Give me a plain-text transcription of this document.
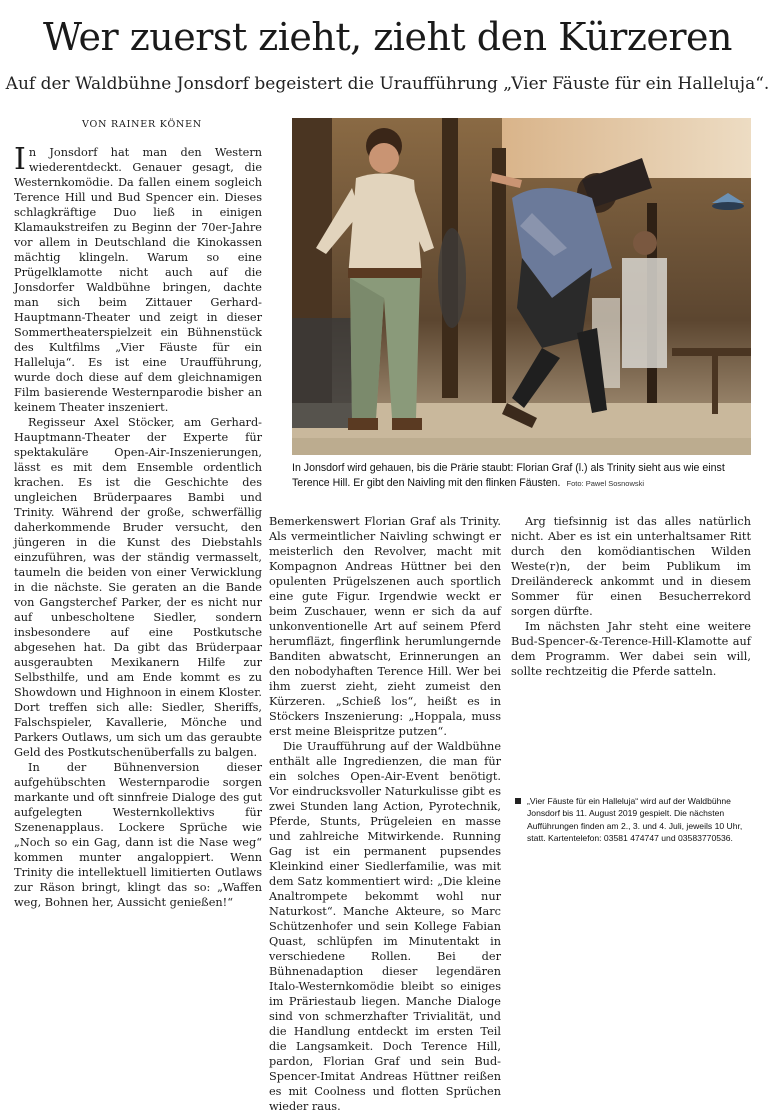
Wer zuerst zieht, zieht den Kürzeren
Auf der Waldbühne Jonsdorf begeistert die Uraufführung „Vier Fäuste für ein Halleluja“.
VON RAINER KÖNEN
In Jonsdorf wird gehauen, bis die Prärie staubt: Florian Graf (l.) als Trinity sieht aus wie einst Terence Hill. Er gibt den Naivling mit den flinken Fäusten. Foto: Pawel Sosnowski

In Jonsdorf hat man den Western wiederentdeckt. Genauer gesagt, die Westernkomödie. Da fallen einem sogleich Terence Hill und Bud Spencer ein. Dieses schlagkräftige Duo ließ in einigen Klamaukstreifen zu Beginn der 70er-Jahre vor allem in Deutschland die Kinokassen mächtig klingeln. Warum so eine Prügelklamotte nicht auch auf die Jonsdorfer Waldbühne bringen, dachte man sich beim Zittauer Gerhard-Hauptmann-Theater und zeigt in dieser Sommertheaterspielzeit ein Bühnenstück des Kultfilms „Vier Fäuste für ein Halleluja“. Es ist eine Uraufführung, wurde doch diese auf dem gleichnamigen Film basierende Westernparodie bisher an keinem Theater inszeniert.

Regisseur Axel Stöcker, am Gerhard-Hauptmann-Theater der Experte für spektakuläre Open-Air-Inszenierungen, lässt es mit dem Ensemble ordentlich krachen. Es ist die Geschichte des ungleichen Brüderpaares Bambi und Trinity. Während der große, schwerfällig daherkommende Bruder versucht, den jüngeren in die Kunst des Diebstahls einzuführen, was der ständig vermasselt, taumeln die beiden von einer Verwicklung in die nächste. Sie geraten an die Bande von Gangsterchef Parker, der es nicht nur auf unbescholtene Siedler, sondern insbesondere auf eine Postkutsche abgesehen hat. Da gibt das Brüderpaar ausgeraubten Mexikanern Hilfe zur Selbsthilfe, und am Ende kommt es zu Showdown und Highnoon in einem Kloster. Dort treffen sich alle: Siedler, Sheriffs, Falschspieler, Kavallerie, Mönche und Parkers Outlaws, um sich um das geraubte Geld des Postkutschenüberfalls zu balgen.

In der Bühnenversion dieser aufgehübschten Westernparodie sorgen markante und oft sinnfreie Dialoge des gut aufgelegten Westernkollektivs für Szenenapplaus. Lockere Sprüche wie „Noch so ein Gag, dann ist die Nase weg“ kommen munter angaloppiert. Wenn Trinity die intellektuell limitierten Outlaws zur Räson bringt, klingt das so: „Waffen weg, Bohnen her, Aussicht genießen!“

Bemerkenswert Florian Graf als Trinity. Als vermeintlicher Naivling schwingt er meisterlich den Revolver, macht mit Kompagnon Andreas Hüttner bei den opulenten Prügelszenen auch sportlich eine gute Figur. Irgendwie weckt er beim Zuschauer, wenn er sich da auf unkonventionelle Art auf seinem Pferd herumfläzt, fingerflink herumlungernde Banditen abwatscht, Erinnerungen an den nobodyhaften Terence Hill. Wer bei ihm zuerst zieht, zieht zumeist den Kürzeren. „Schieß los“, heißt es in Stöckers Inszenierung: „Hoppala, muss erst meine Bleispritze putzen“.

Die Uraufführung auf der Waldbühne enthält alle Ingredienzen, die man für ein solches Open-Air-Event benötigt. Vor eindrucksvoller Naturkulisse gibt es zwei Stunden lang Action, Pyrotechnik, Pferde, Stunts, Prügeleien en masse und zahlreiche Mitwirkende. Running Gag ist ein permanent pupsendes Kleinkind einer Siedlerfamilie, was mit dem Satz kommentiert wird: „Die kleine Analtrompete bekommt wohl nur Naturkost“. Manche Akteure, so Marc Schützenhofer und sein Kollege Fabian Quast, schlüpfen im Minutentakt in verschiedene Rollen. Bei der Bühnenadaption dieser legendären Italo-Westernkomödie bleibt so einiges im Präriestaub liegen. Manche Dialoge sind von schmerzhafter Trivialität, und die Handlung entdeckt im ersten Teil die Langsamkeit. Doch Terence Hill, pardon, Florian Graf und sein Bud-Spencer-Imitat Andreas Hüttner reißen es mit Coolness und flotten Sprüchen wieder raus.

Arg tiefsinnig ist das alles natürlich nicht. Aber es ist ein unterhaltsamer Ritt durch den komödiantischen Wilden Weste(r)n, der beim Publikum im Dreiländereck ankommt und in diesem Sommer für einen Besucherrekord sorgen dürfte.

Im nächsten Jahr steht eine weitere Bud-Spencer-&-Terence-Hill-Klamotte auf dem Programm. Wer dabei sein will, sollte rechtzeitig die Pferde satteln.

„Vier Fäuste für ein Halleluja“ wird auf der Waldbühne Jonsdorf bis 11. August 2019 gespielt. Die nächsten Aufführungen finden am 2., 3. und 4. Juli, jeweils 10 Uhr, statt. Kartentelefon: 03581 474747 und 03583770536.
